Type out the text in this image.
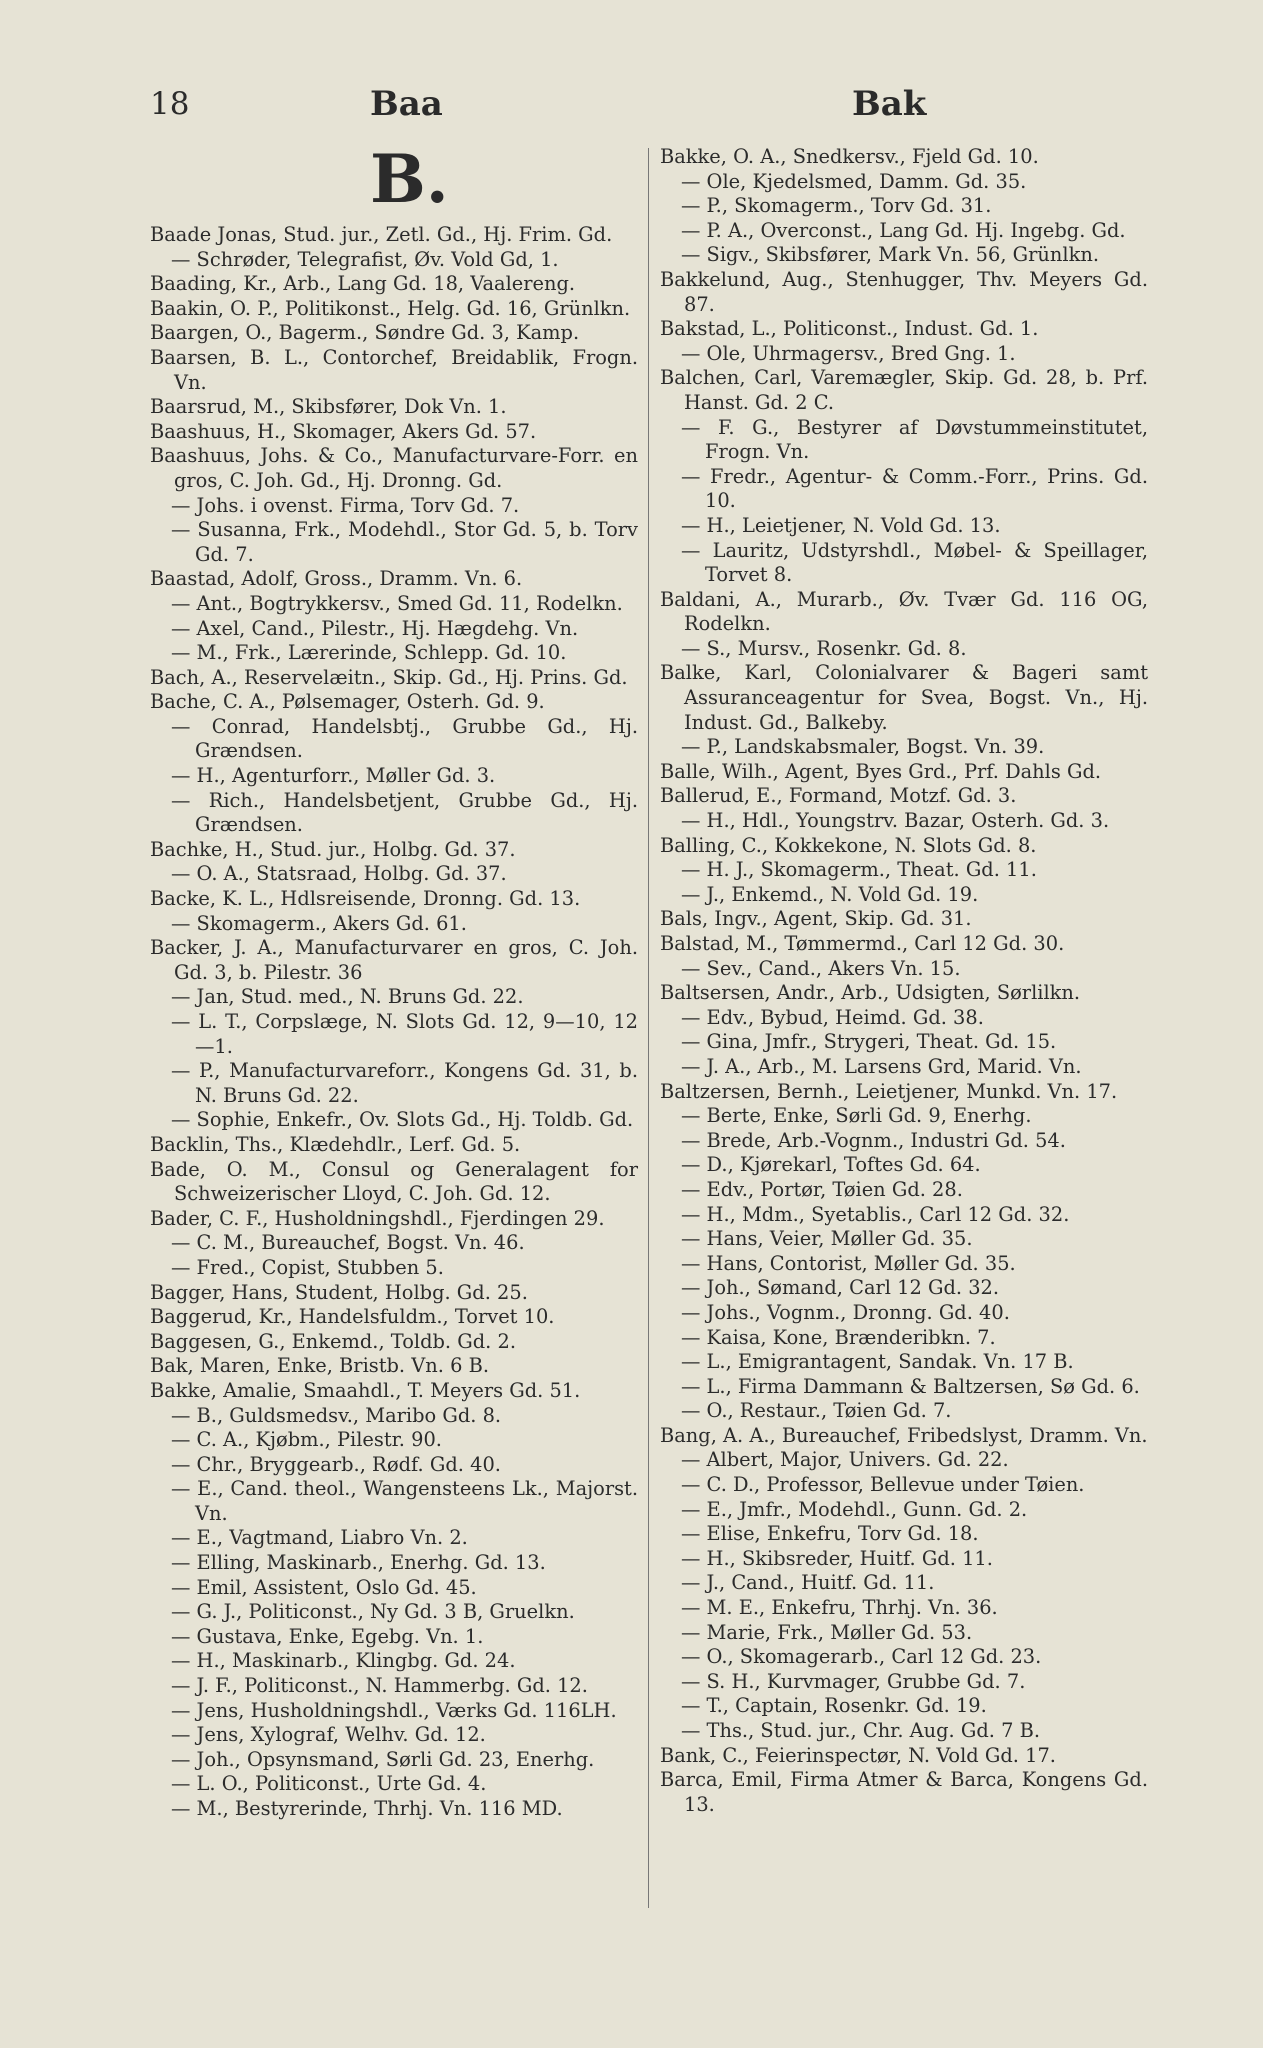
18	Baa	Bak
B.

Baade Jonas, Stud. jur., Zetl. Gd., Hj. Frim. Gd.

— Schrøder, Telegrafist, Øv. Vold Gd, 1.

Baading, Kr., Arb., Lang Gd. 18, Vaalereng.

Baakin, O. P., Politikonst., Helg. Gd. 16, Grünlkn.

Baargen, O., Bagerm., Søndre Gd. 3, Kamp.

Baarsen, B. L., Contorchef, Breidablik, Frogn. Vn.

Baarsrud, M., Skibsfører, Dok Vn. 1.

Baashuus, H., Skomager, Akers Gd. 57.

Baashuus, Johs. & Co., Manufacturvare-Forr. en gros, C. Joh. Gd., Hj. Dronng. Gd.

— Johs. i ovenst. Firma, Torv Gd. 7.

— Susanna, Frk., Modehdl., Stor Gd. 5, b. Torv Gd. 7.

Baastad, Adolf, Gross., Dramm. Vn. 6.

— Ant., Bogtrykkersv., Smed Gd. 11, Rodelkn.

— Axel, Cand., Pilestr., Hj. Hægdehg. Vn.

— M., Frk., Lærerinde, Schlepp. Gd. 10.

Bach, A., Reservelæitn., Skip. Gd., Hj. Prins. Gd.

Bache, C. A., Pølsemager, Osterh. Gd. 9.

— Conrad, Handelsbtj., Grubbe Gd., Hj. Grændsen.

— H., Agenturforr., Møller Gd. 3.

— Rich., Handelsbetjent, Grubbe Gd., Hj. Grændsen.

Bachke, H., Stud. jur., Holbg. Gd. 37.

— O. A., Statsraad, Holbg. Gd. 37.

Backe, K. L., Hdlsreisende, Dronng. Gd. 13.

— Skomagerm., Akers Gd. 61.

Backer, J. A., Manufacturvarer en gros, C. Joh. Gd. 3, b. Pilestr. 36

— Jan, Stud. med., N. Bruns Gd. 22.

— L. T., Corpslæge, N. Slots Gd. 12, 9—10, 12—1.

— P., Manufacturvareforr., Kongens Gd. 31, b. N. Bruns Gd. 22.

— Sophie, Enkefr., Ov. Slots Gd., Hj. Toldb. Gd.

Backlin, Ths., Klædehdlr., Lerf. Gd. 5.

Bade, O. M., Consul og Generalagent for Schweizerischer Lloyd, C. Joh. Gd. 12.

Bader, C. F., Husholdningshdl., Fjerdingen 29.

— C. M., Bureauchef, Bogst. Vn. 46.

— Fred., Copist, Stubben 5.

Bagger, Hans, Student, Holbg. Gd. 25.

Baggerud, Kr., Handelsfuldm., Torvet 10.

Baggesen, G., Enkemd., Toldb. Gd. 2.

Bak, Maren, Enke, Bristb. Vn. 6 B.

Bakke, Amalie, Smaahdl., T. Meyers Gd. 51.

— B., Guldsmedsv., Maribo Gd. 8.

— C. A., Kjøbm., Pilestr. 90.

— Chr., Bryggearb., Rødf. Gd. 40.

— E., Cand. theol., Wangensteens Lk., Majorst. Vn.

— E., Vagtmand, Liabro Vn. 2.

— Elling, Maskinarb., Enerhg. Gd. 13.

— Emil, Assistent, Oslo Gd. 45.

— G. J., Politiconst., Ny Gd. 3 B, Gruelkn.

— Gustava, Enke, Egebg. Vn. 1.

— H., Maskinarb., Klingbg. Gd. 24.

— J. F., Politiconst., N. Hammerbg. Gd. 12.

— Jens, Husholdningshdl., Værks Gd. 116LH.

— Jens, Xylograf, Welhv. Gd. 12.

— Joh., Opsynsmand, Sørli Gd. 23, Enerhg.

— L. O., Politiconst., Urte Gd. 4.

— M., Bestyrerinde, Thrhj. Vn. 116 MD.

Bakke, O. A., Snedkersv., Fjeld Gd. 10.

— Ole, Kjedelsmed, Damm. Gd. 35.

— P., Skomagerm., Torv Gd. 31.

— P. A., Overconst., Lang Gd. Hj. Ingebg. Gd.

— Sigv., Skibsfører, Mark Vn. 56, Grünlkn.

Bakkelund, Aug., Stenhugger, Thv. Meyers Gd. 87.

Bakstad, L., Politiconst., Indust. Gd. 1.

— Ole, Uhrmagersv., Bred Gng. 1.

Balchen, Carl, Varemægler, Skip. Gd. 28, b. Prf. Hanst. Gd. 2 C.

— F. G., Bestyrer af Døvstummeinstitutet, Frogn. Vn.

— Fredr., Agentur- & Comm.-Forr., Prins. Gd. 10.

— H., Leietjener, N. Vold Gd. 13.

— Lauritz, Udstyrshdl., Møbel- & Speillager, Torvet 8.

Baldani, A., Murarb., Øv. Tvær Gd. 116 OG, Rodelkn.

— S., Mursv., Rosenkr. Gd. 8.

Balke, Karl, Colonialvarer & Bageri samt Assuranceagentur for Svea, Bogst. Vn., Hj. Indust. Gd., Balkeby.

— P., Landskabsmaler, Bogst. Vn. 39.

Balle, Wilh., Agent, Byes Grd., Prf. Dahls Gd.

Ballerud, E., Formand, Motzf. Gd. 3.

— H., Hdl., Youngstrv. Bazar, Osterh. Gd. 3.

Balling, C., Kokkekone, N. Slots Gd. 8.

— H. J., Skomagerm., Theat. Gd. 11.

— J., Enkemd., N. Vold Gd. 19.

Bals, Ingv., Agent, Skip. Gd. 31.

Balstad, M., Tømmermd., Carl 12 Gd. 30.

— Sev., Cand., Akers Vn. 15.

Baltsersen, Andr., Arb., Udsigten, Sørlilkn.

— Edv., Bybud, Heimd. Gd. 38.

— Gina, Jmfr., Strygeri, Theat. Gd. 15.

— J. A., Arb., M. Larsens Grd, Marid. Vn.

Baltzersen, Bernh., Leietjener, Munkd. Vn. 17.

— Berte, Enke, Sørli Gd. 9, Enerhg.

— Brede, Arb.-Vognm., Industri Gd. 54.

— D., Kjørekarl, Toftes Gd. 64.

— Edv., Portør, Tøien Gd. 28.

— H., Mdm., Syetablis., Carl 12 Gd. 32.

— Hans, Veier, Møller Gd. 35.

— Hans, Contorist, Møller Gd. 35.

— Joh., Sømand, Carl 12 Gd. 32.

— Johs., Vognm., Dronng. Gd. 40.

— Kaisa, Kone, Brænderibkn. 7.

— L., Emigrantagent, Sandak. Vn. 17 B.

— L., Firma Dammann & Baltzersen, Sø Gd. 6.

— O., Restaur., Tøien Gd. 7.

Bang, A. A., Bureauchef, Fribedslyst, Dramm. Vn.

— Albert, Major, Univers. Gd. 22.

— C. D., Professor, Bellevue under Tøien.

— E., Jmfr., Modehdl., Gunn. Gd. 2.

— Elise, Enkefru, Torv Gd. 18.

— H., Skibsreder, Huitf. Gd. 11.

— J., Cand., Huitf. Gd. 11.

— M. E., Enkefru, Thrhj. Vn. 36.

— Marie, Frk., Møller Gd. 53.

— O., Skomagerarb., Carl 12 Gd. 23.

— S. H., Kurvmager, Grubbe Gd. 7.

— T., Captain, Rosenkr. Gd. 19.

— Ths., Stud. jur., Chr. Aug. Gd. 7 B.

Bank, C., Feierinspectør, N. Vold Gd. 17.

Barca, Emil, Firma Atmer & Barca, Kongens Gd. 13.
